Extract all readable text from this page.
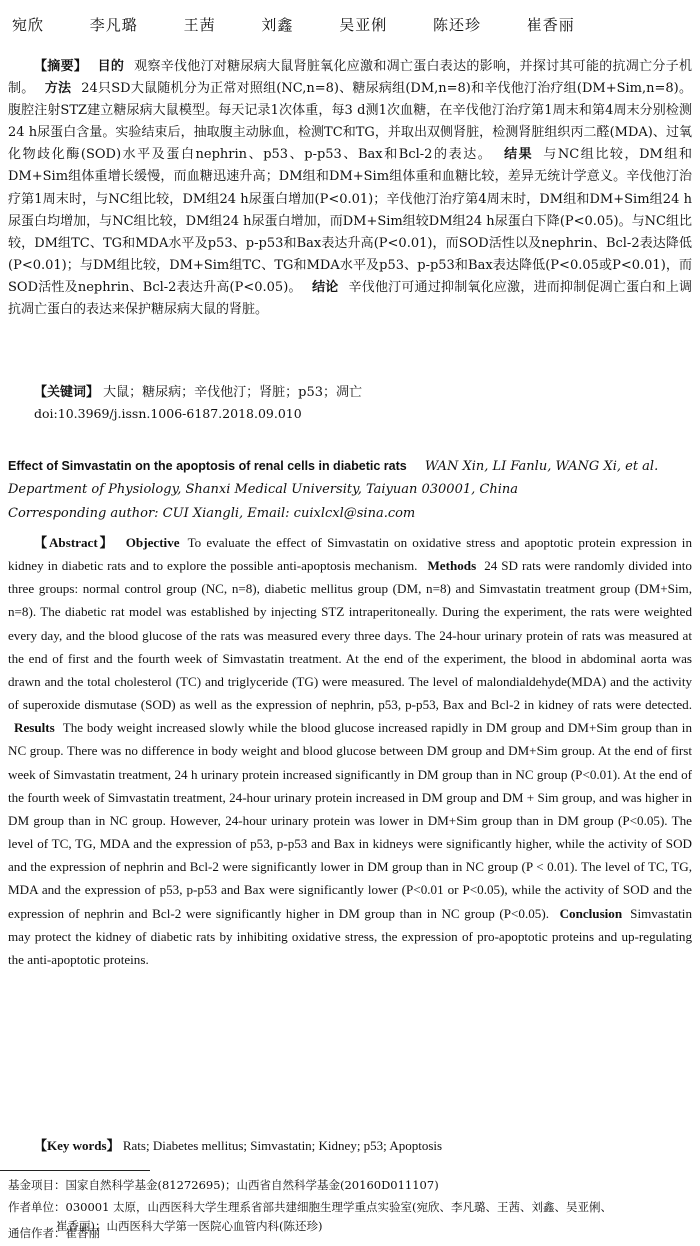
宛欣	李凡璐	王茜	刘鑫	吴亚俐	陈还珍	崔香丽

【摘要】 目的 观察辛伐他汀对糖尿病大鼠肾脏氧化应激和凋亡蛋白表达的影响，并探讨其可能的抗凋亡分子机制。 方法 24只SD大鼠随机分为正常对照组(NC,n=8)、糖尿病组(DM,n=8)和辛伐他汀治疗组(DM+Sim,n=8)。腹腔注射STZ建立糖尿病大鼠模型。每天记录1次体重，每3 d测1次血糖，在辛伐他汀治疗第1周末和第4周末分别检测24 h尿蛋白含量。实验结束后，抽取腹主动脉血，检测TC和TG，并取出双侧肾脏，检测肾脏组织丙二醛(MDA)、过氧化物歧化酶(SOD)水平及蛋白nephrin、p53、p-p53、Bax和Bcl-2的表达。 结果 与NC组比较，DM组和DM+Sim组体重增长缓慢，而血糖迅速升高；DM组和DM+Sim组体重和血糖比较，差异无统计学意义。辛伐他汀治疗第1周末时，与NC组比较，DM组24 h尿蛋白增加(P<0.01)；辛伐他汀治疗第4周末时，DM组和DM+Sim组24 h尿蛋白均增加，与NC组比较，DM组24 h尿蛋白增加，而DM+Sim组较DM组24 h尿蛋白下降(P<0.05)。与NC组比较，DM组TC、TG和MDA水平及p53、p-p53和Bax表达升高(P<0.01)，而SOD活性以及nephrin、Bcl-2表达降低(P<0.01)；与DM组比较，DM+Sim组TC、TG和MDA水平及p53、p-p53和Bax表达降低(P<0.05或P<0.01)，而SOD活性及nephrin、Bcl-2表达升高(P<0.05)。 结论 辛伐他汀可通过抑制氧化应激，进而抑制促凋亡蛋白和上调抗凋亡蛋白的表达来保护糖尿病大鼠的肾脏。

【关键词】 大鼠；糖尿病；辛伐他汀；肾脏；p53；凋亡
doi:10.3969/j.issn.1006-6187.2018.09.010
Effect of Simvastatin on the apoptosis of renal cells in diabetic rats WAN Xin, LI Fanlu, WANG Xi, et al.
Department of Physiology, Shanxi Medical University, Taiyuan 030001, China
Corresponding author: CUI Xiangli, Email: cuixlcxl@sina.com

【Abstract】 Objective To evaluate the effect of Simvastatin on oxidative stress and apoptotic protein expression in kidney in diabetic rats and to explore the possible anti-apoptosis mechanism. Methods 24 SD rats were randomly divided into three groups: normal control group (NC, n=8), diabetic mellitus group (DM, n=8) and Simvastatin treatment group (DM+Sim, n=8). The diabetic rat model was established by injecting STZ intraperitoneally. During the experiment, the rats were weighted every day, and the blood glucose of the rats was measured every three days. The 24-hour urinary protein of rats was measured at the end of first and the fourth week of Simvastatin treatment. At the end of the experiment, the blood in abdominal aorta was drawn and the total cholesterol (TC) and triglyceride (TG) were measured. The level of malondialdehyde(MDA) and the activity of superoxide dismutase (SOD) as well as the expression of nephrin, p53, p-p53, Bax and Bcl-2 in kidney of rats were detected. Results The body weight increased slowly while the blood glucose increased rapidly in DM group and DM+Sim group than in NC group. There was no difference in body weight and blood glucose between DM group and DM+Sim group. At the end of first week of Simvastatin treatment, 24 h urinary protein increased significantly in DM group than in NC group (P<0.01). At the end of the fourth week of Simvastatin treatment, 24-hour urinary protein increased in DM group and DM + Sim group, and was higher in DM group than in NC group. However, 24-hour urinary protein was lower in DM+Sim group than in DM group (P<0.05). The level of TC, TG, MDA and the expression of p53, p-p53 and Bax in kidneys were significantly higher, while the activity of SOD and the expression of nephrin and Bcl-2 were significantly lower in DM group than in NC group (P < 0.01). The level of TC, TG, MDA and the expression of p53, p-p53 and Bax were significantly lower (P<0.01 or P<0.05), while the activity of SOD and the expression of nephrin and Bcl-2 were significantly higher in DM group than in NC group (P<0.05). Conclusion Simvastatin may protect the kidney of diabetic rats by inhibiting oxidative stress, the expression of pro-apoptotic proteins and up-regulating the anti-apoptotic proteins.

【Key words】 Rats; Diabetes mellitus; Simvastatin; Kidney; p53; Apoptosis
基金项目：国家自然科学基金(81272695)；山西省自然科学基金(20160D011107)
作者单位：030001 太原，山西医科大学生理系省部共建细胞生理学重点实验室(宛欣、李凡璐、王茜、刘鑫、吴亚俐、
崔香丽)；山西医科大学第一医院心血管内科(陈还珍)
通信作者：崔香丽
